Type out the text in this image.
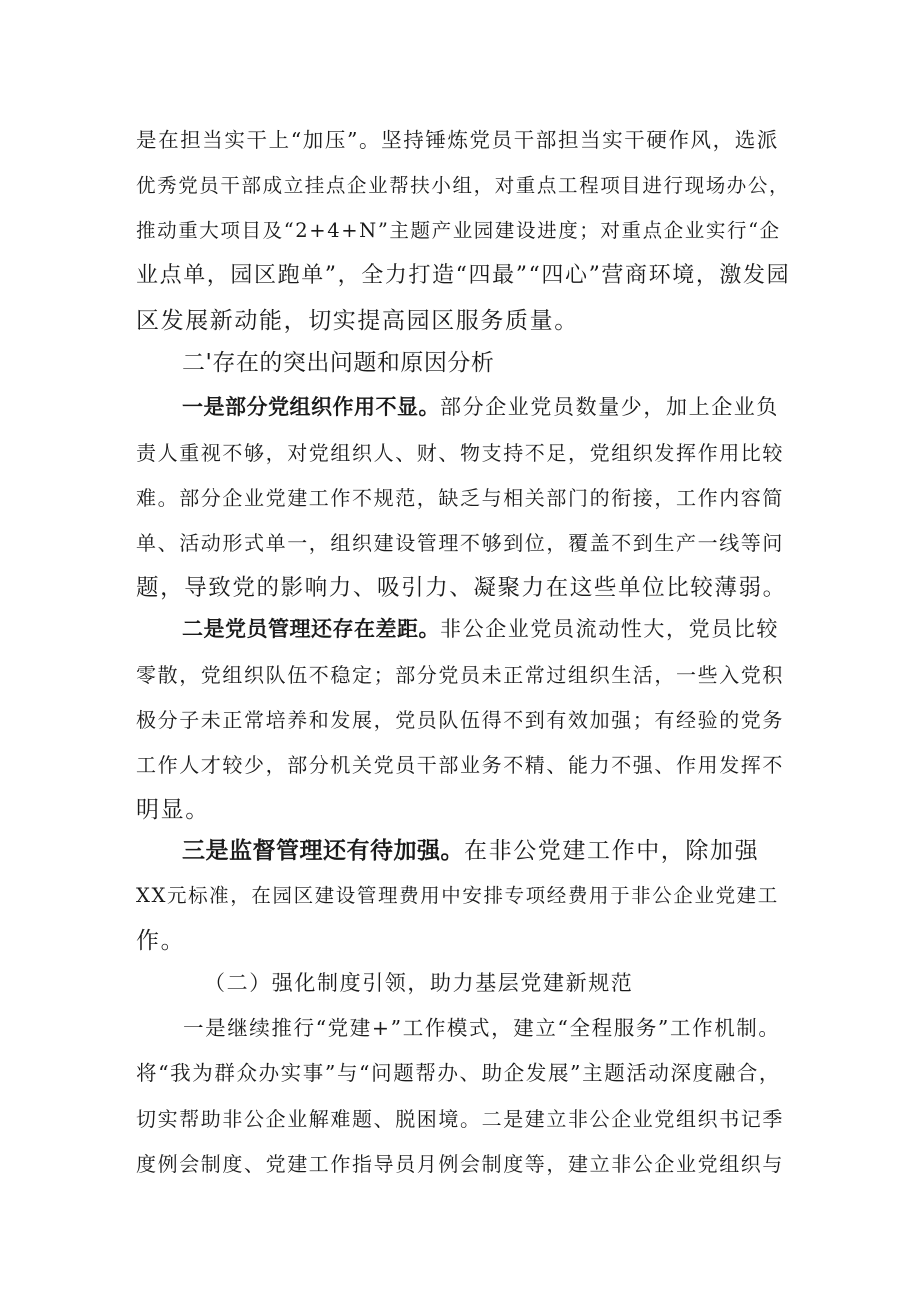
是在担当实干上“加压”。坚持锤炼党员干部担当实干硬作风，选派
优秀党员干部成立挂点企业帮扶小组，对重点工程项目进行现场办公，
推动重大项目及“2+4+N”主题产业园建设进度；对重点企业实行“企
业点单，园区跑单”，全力打造“四最”“四心”营商环境，激发园
区发展新动能，切实提高园区服务质量。
二'存在的突出问题和原因分析
一是部分党组织作用不显。部分企业党员数量少，加上企业负
责人重视不够，对党组织人、财、物支持不足，党组织发挥作用比较
难。部分企业党建工作不规范，缺乏与相关部门的衔接，工作内容简
单、活动形式单一，组织建设管理不够到位，覆盖不到生产一线等问
题，导致党的影响力、吸引力、凝聚力在这些单位比较薄弱。
二是党员管理还存在差距。非公企业党员流动性大，党员比较
零散，党组织队伍不稳定；部分党员未正常过组织生活，一些入党积
极分子未正常培养和发展，党员队伍得不到有效加强；有经验的党务
工作人才较少，部分机关党员干部业务不精、能力不强、作用发挥不
明显。
三是监督管理还有待加强。在非公党建工作中，除加强
XX元标准，在园区建设管理费用中安排专项经费用于非公企业党建工
作。
（二）强化制度引领，助力基层党建新规范
一是继续推行“党建+”工作模式，建立“全程服务”工作机制。
将“我为群众办实事”与“问题帮办、助企发展”主题活动深度融合，
切实帮助非公企业解难题、脱困境。二是建立非公企业党组织书记季
度例会制度、党建工作指导员月例会制度等，建立非公企业党组织与
